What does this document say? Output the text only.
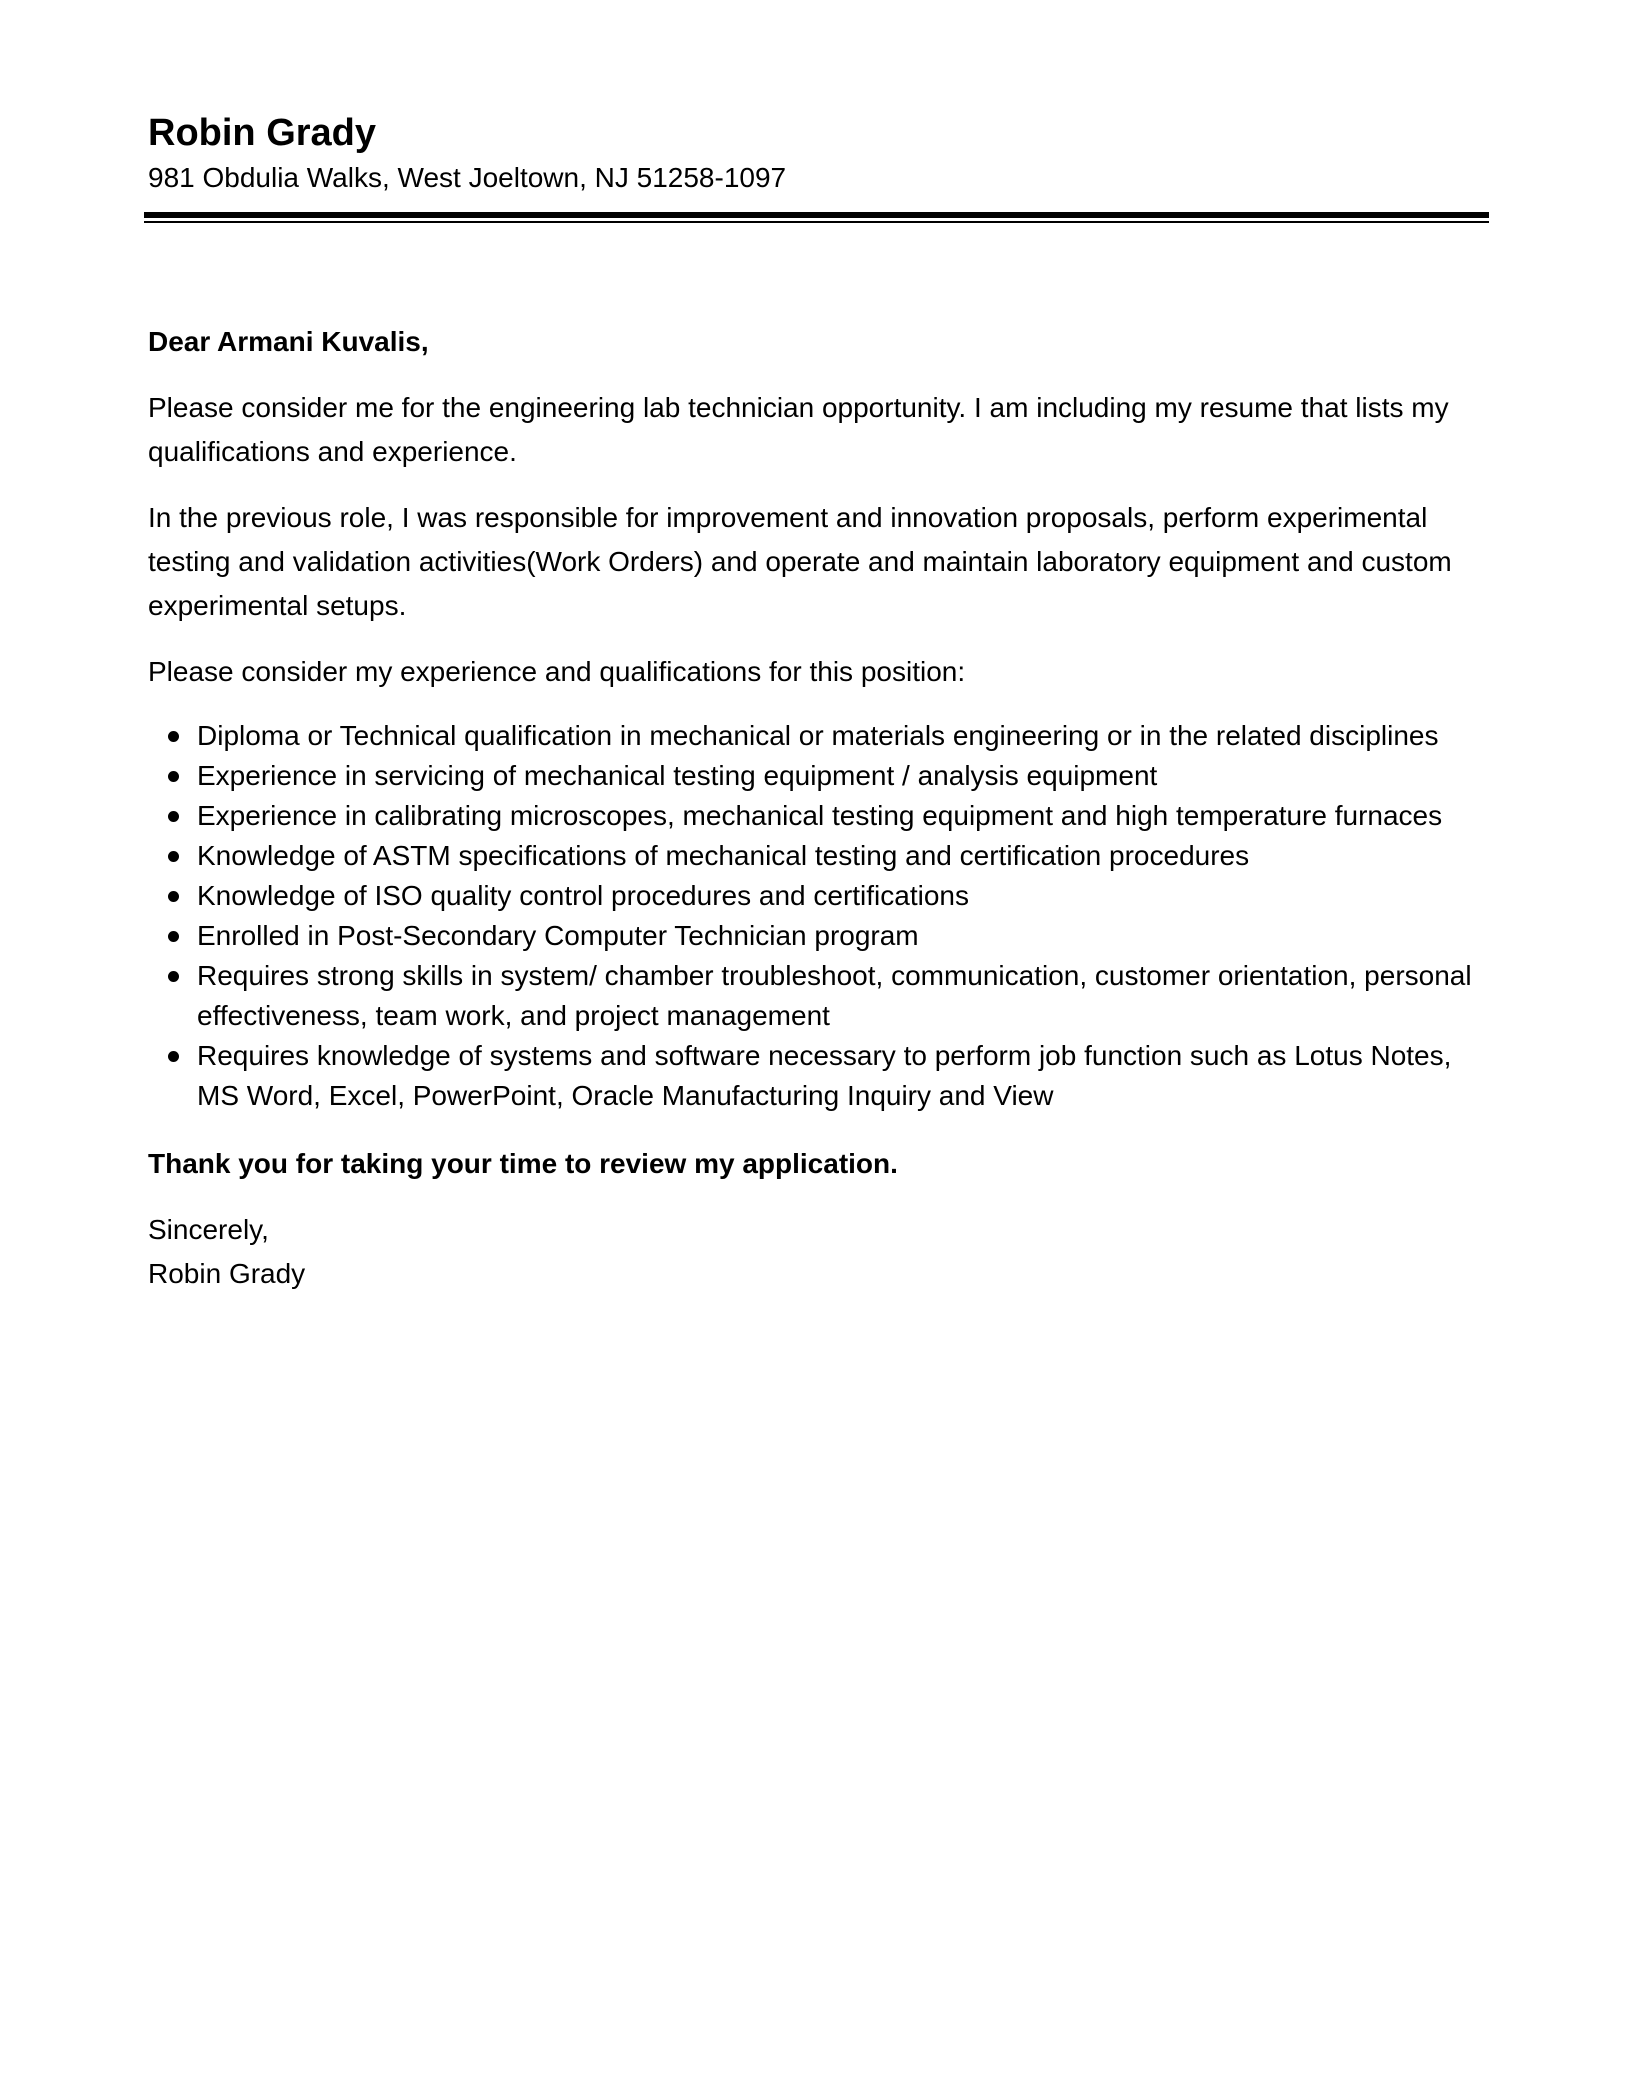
Robin Grady

981 Obdulia Walks, West Joeltown, NJ 51258-1097

Dear Armani Kuvalis,

Please consider me for the engineering lab technician opportunity. I am including my resume that lists my qualifications and experience.

In the previous role, I was responsible for improvement and innovation proposals, perform experimental testing and validation activities(Work Orders) and operate and maintain laboratory equipment and custom experimental setups.

Please consider my experience and qualifications for this position:

Diploma or Technical qualification in mechanical or materials engineering or in the related disciplines
Experience in servicing of mechanical testing equipment / analysis equipment
Experience in calibrating microscopes, mechanical testing equipment and high temperature furnaces
Knowledge of ASTM specifications of mechanical testing and certification procedures
Knowledge of ISO quality control procedures and certifications
Enrolled in Post-Secondary Computer Technician program
Requires strong skills in system/ chamber troubleshoot, communication, customer orientation, personal effectiveness, team work, and project management
Requires knowledge of systems and software necessary to perform job function such as Lotus Notes, MS Word, Excel, PowerPoint, Oracle Manufacturing Inquiry and View

Thank you for taking your time to review my application.

Sincerely,

Robin Grady
